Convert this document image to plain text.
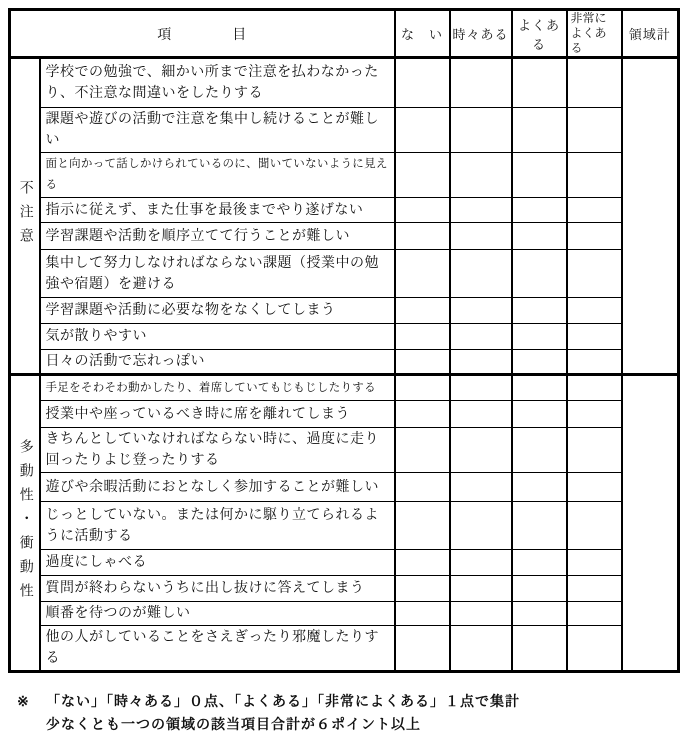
項　　　　目		な　い	時々ある	よくある	非常によくある	領域計
不注意	学校での勉強で、細かい所まで注意を払わなかったり、不注意な間違いをしたりする					
	課題や遊びの活動で注意を集中し続けることが難しい					
	面と向かって話しかけられているのに、聞いていないように見える					
	指示に従えず、また仕事を最後までやり遂げない					
	学習課題や活動を順序立てて行うことが難しい					
	集中して努力しなければならない課題（授業中の勉強や宿題）を避ける					
	学習課題や活動に必要な物をなくしてしまう					
	気が散りやすい					
	日々の活動で忘れっぽい					
多動性・衝動性	手足をそわそわ動かしたり、着席していてもじもじしたりする					
	授業中や座っているべき時に席を離れてしまう					
	きちんとしていなければならない時に、過度に走り回ったりよじ登ったりする					
	遊びや余暇活動におとなしく参加することが難しい					
	じっとしていない。または何かに駆り立てられるように活動する					
	過度にしゃべる					
	質問が終わらないうちに出し抜けに答えてしまう					
	順番を待つのが難しい					
	他の人がしていることをさえぎったり邪魔したりする					
※	「ない」「時々ある」０点、「よくある」「非常によくある」１点で集計
少なくとも一つの領域の該当項目合計が６ポイント以上
